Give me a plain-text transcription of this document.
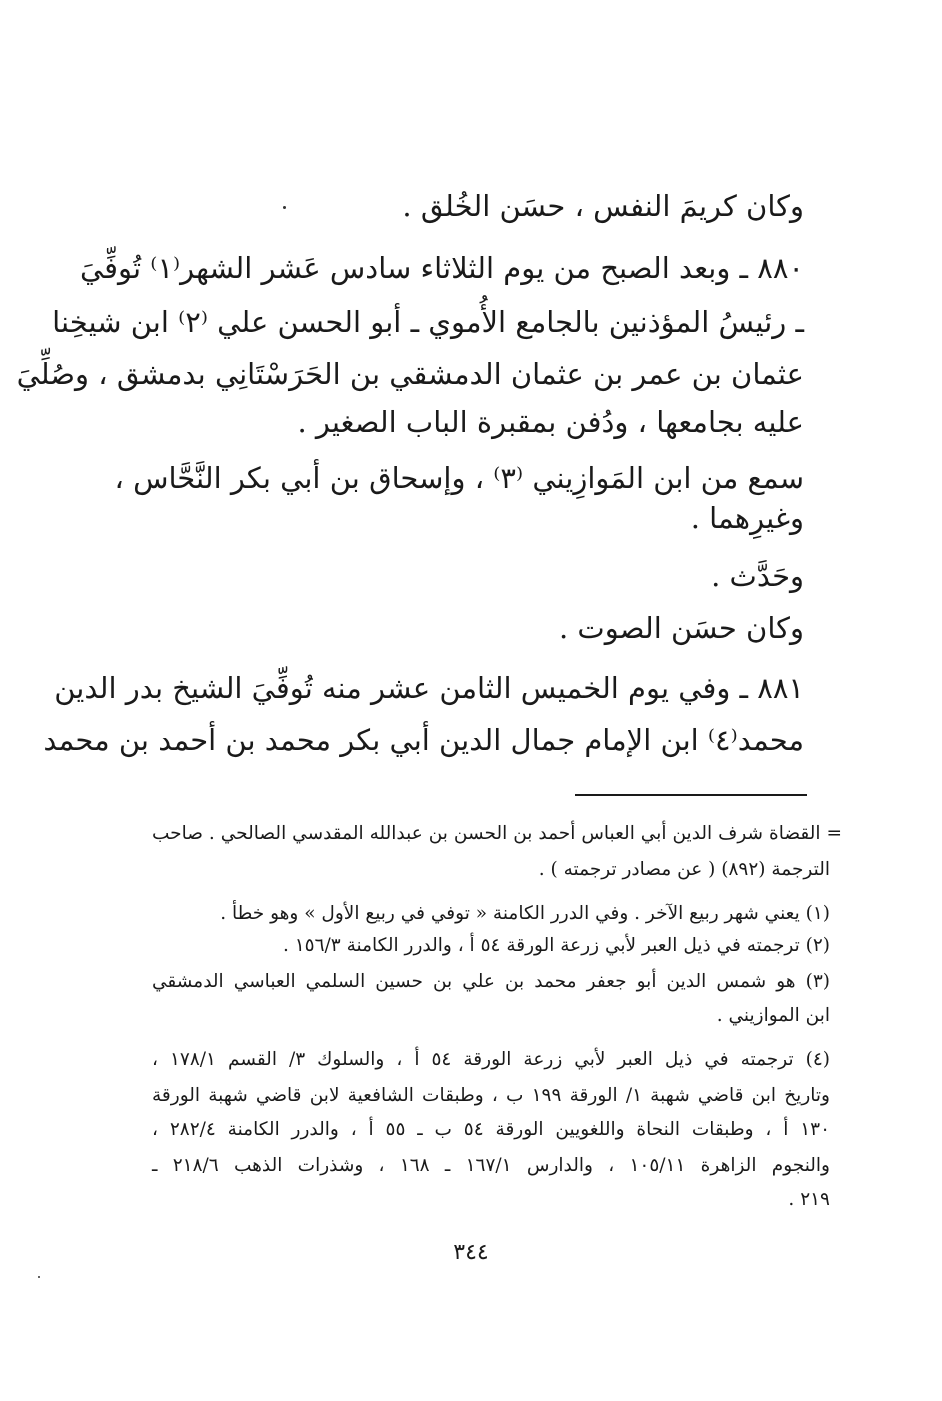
وكان كريمَ النفس ، حسَن الخُلق .
٨٨٠ ـ وبعد الصبح من يوم الثلاثاء سادس عَشر الشهر⁽١⁾ تُوفِّيَ
ـ رئيسُ المؤذنين بالجامع الأُموي ـ أبو الحسن علي ⁽٢⁾ ابن شيخِنا
عثمان بن عمر بن عثمان الدمشقي بن الحَرَسْتَانِي بدمشق ، وصُلِّيَ
عليه بجامعها ، ودُفن بمقبرة الباب الصغير .
سمع من ابن المَوازِيني ⁽٣⁾ ، وإسحاق بن أبي بكر النَّحَّاس ،
وغيرِهما .
وحَدَّث .
وكان حسَن الصوت .
٨٨١ ـ وفي يوم الخميس الثامن عشر منه تُوفِّيَ الشيخ بدر الدين
محمد⁽٤⁾ ابن الإمام جمال الدين أبي بكر محمد بن أحمد بن محمد
= القضاة شرف الدين أبي العباس أحمد بن الحسن بن عبدالله المقدسي الصالحي . صاحب
الترجمة (٨٩٢) ( عن مصادر ترجمته ) .
(١) يعني شهر ربيع الآخر . وفي الدرر الكامنة « توفي في ربيع الأول » وهو خطأ .
(٢) ترجمته في ذيل العبر لأبي زرعة الورقة ٥٤ أ ، والدرر الكامنة ١٥٦/٣ .
(٣) هو شمس الدين أبو جعفر محمد بن علي بن حسين السلمي العباسي الدمشقي
ابن الموازيني .
(٤) ترجمته في ذيل العبر لأبي زرعة الورقة ٥٤ أ ، والسلوك ٣/ القسم ١٧٨/١ ،
وتاريخ ابن قاضي شهبة ١/ الورقة ١٩٩ ب ، وطبقات الشافعية لابن قاضي شهبة الورقة
١٣٠ أ ، وطبقات النحاة واللغويين الورقة ٥٤ ب ـ ٥٥ أ ، والدرر الكامنة ٢٨٢/٤ ،
والنجوم الزاهرة ١٠٥/١١ ، والدارس ١٦٧/١ ـ ١٦٨ ، وشذرات الذهب ٢١٨/٦ ـ
٢١٩ .
٣٤٤
